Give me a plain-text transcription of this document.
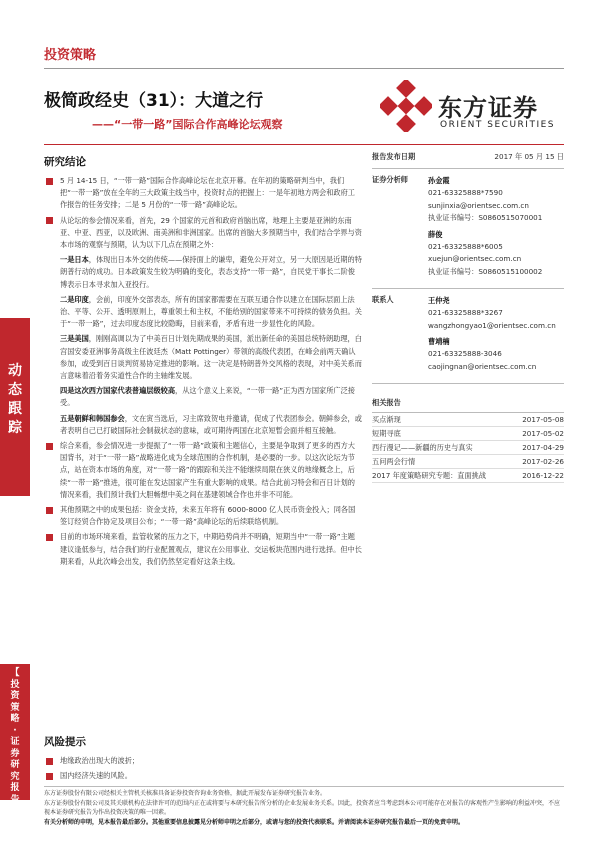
投资策略
极简政经史（31）：大道之行
——“一带一路”国际合作高峰论坛观察
东方证券
ORIENT SECURITIES
动
态
跟
踪
【
投
资
策
略
·
证
券
研
究
报
告
】
研究结论
5 月 14-15 日，“一带一路”国际合作高峰论坛在北京开幕。在年初的策略研判当中，我们把“一带一路”放在全年的三大政策主线当中，投资时点的把握上：一是年初地方两会和政府工作报告的任务安排；二是 5 月份的“一带一路”高峰论坛。
从论坛的参会情况来看，首先，29 个国家的元首和政府首脑出席，地理上主要是亚洲的东南亚、中亚、西亚，以及欧洲、南美洲和非洲国家。出席的首脑大多预期当中，我们结合学界与资本市场的观察与预期，认为以下几点在预期之外：

一是日本，体现出日本外交的传统——保持面上的谦卑，避免公开对立，另一大原因是近期的特朗普行动的成功。日本政策发生较为明确的变化，表态支持“一带一路”，自民党干事长二阶俊博表示日本寻求加入亚投行。

二是印度，会前，印度外交部表态，所有的国家都需要在互联互通合作以建立在国际层面上法治、平等、公开、透明原则上，尊重领土和主权，不能给别的国家带来不可持续的债务负担。关于“一带一路”，过去印度态度比较隐晦，目前来看，矛盾有进一步显性化的风险。

三是美国，刚刚高调以为了中美百日计划先期成果的美国，派出新任命的美国总统特朗助理，白宫国安委亚洲事务高级主任波廷杰（Matt Pottinger）带领的高级代表团，在峰会前两天确认参加，或受到百日谈判贸易协定推进的影响。这一决定是特朗普外交风格的表现，对中美关系而言意味着沿着务实道性合作的主轴维发展。

四是这次西方国家代表普遍层级较高，从这个意义上来说，“一带一路”正为西方国家所广泛接受。

五是朝鲜和韩国参会，文在寅当选后，习主席致贺电并邀请，促成了代表团参会。朝鲜参会，或者表明自己已打破国际社会制裁状态的意味，或可期待两国在北京短暂会面并相互接触。

综合来看，参会情况进一步提振了“一带一路”政策和主题信心，主要是争取到了更多的西方大国背书，对于“一带一路”战略进化成为全球范围的合作机制，是必要的一步。以这次论坛为节点，站在资本市场的角度，对“一带一路”的跟踪和关注不能继续局限在狭义的地缘概念上，后续“一带一路”推进，很可能在发达国家产生有重大影响的成果。结合此前习特会和百日计划的情况来看，我们预计我们大胆畅想中美之间在基建领域合作也并非不可能。
其他预期之中的成果包括：资金支持，未来五年将有 6000-8000 亿人民币资金投入；同各国签订经贸合作协定及项目公布；“一带一路”高峰论坛的后续联络机制。
目前的市场环境来看，监管收紧的压力之下，中期趋势尚并不明确，短期当中“一带一路”主题建议逢低参与，结合我们的行业配置观点，建议在公用事业、交运板块范围内进行选择。但中长期来看，从此次峰会出发，我们仍然坚定看好这条主线。
风险提示
地缘政治出现大的波折；
国内经济失速的风险。
报告发布日期	2017 年 05 月 15 日
证券分析师	孙金霞
021-63325888*7590
sunjinxia@orientsec.com.cn
执业证书编号：S0860515070001
薛俊
021-63325888*6005
xuejun@orientsec.com.cn
执业证书编号：S0860515100002
联系人	王仲尧
021-63325888*3267
wangzhongyao1@orientsec.com.cn
曹靖楠
021-63325888-3046
caojingnan@orientsec.com.cn
相关报告
买点渐现	2017-05-08
短期寻底	2017-05-02
西行漫记——新疆的历史与真实	2017-04-29
五问两会行情	2017-02-26
2017 年度策略研究专题：直面挑战	2016-12-22
东方证券股份有限公司经相关主管机关核准具备证券投资咨询业务资格，据此开展发布证券研究报告业务。
东方证券股份有限公司及其关联机构在法律许可的范围内正在或将要与本研究报告所分析的企业发展业务关系。因此，投资者应当考虑到本公司可能存在对报告的客观性产生影响的利益冲突，不应视本证券研究报告为作出投资决策的唯一因素。
有关分析师的申明，见本报告最后部分。其他重要信息披露见分析师申明之后部分，或请与您的投资代表联系。并请阅读本证券研究报告最后一页的免责申明。
